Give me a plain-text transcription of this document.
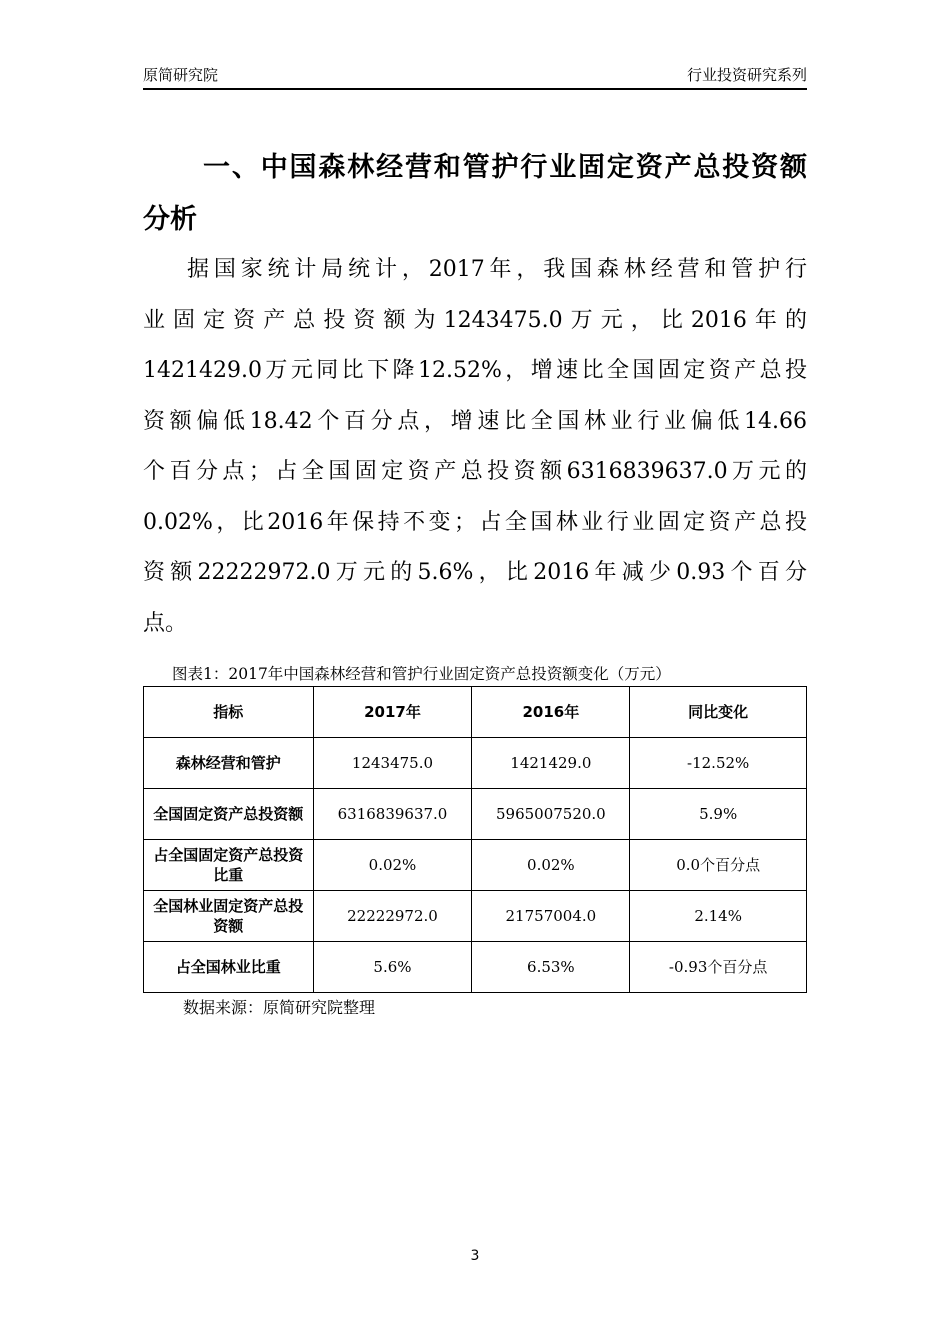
原简研究院	行业投资研究系列
一、中国森林经营和管护行业固定资产总投资额
分析
据国家统计局统计，2017年，我国森林经营和管护行
业固定资产总投资额为1243475.0万元，比2016年的
1421429.0万元同比下降12.52%，增速比全国固定资产总投
资额偏低18.42个百分点，增速比全国林业行业偏低14.66
个百分点；占全国固定资产总投资额6316839637.0万元的
0.02%，比2016年保持不变；占全国林业行业固定资产总投
资额22222972.0万元的5.6%，比2016年减少0.93个百分
点。
图表1：2017年中国森林经营和管护行业固定资产总投资额变化（万元）
指标	2017年	2016年	同比变化
森林经营和管护	1243475.0	1421429.0	-12.52%
全国固定资产总投资额	6316839637.0	5965007520.0	5.9%
占全国固定资产总投资比重	0.02%	0.02%	0.0个百分点
全国林业固定资产总投资额	22222972.0	21757004.0	2.14%
占全国林业比重	5.6%	6.53%	-0.93个百分点
数据来源：原简研究院整理
3
